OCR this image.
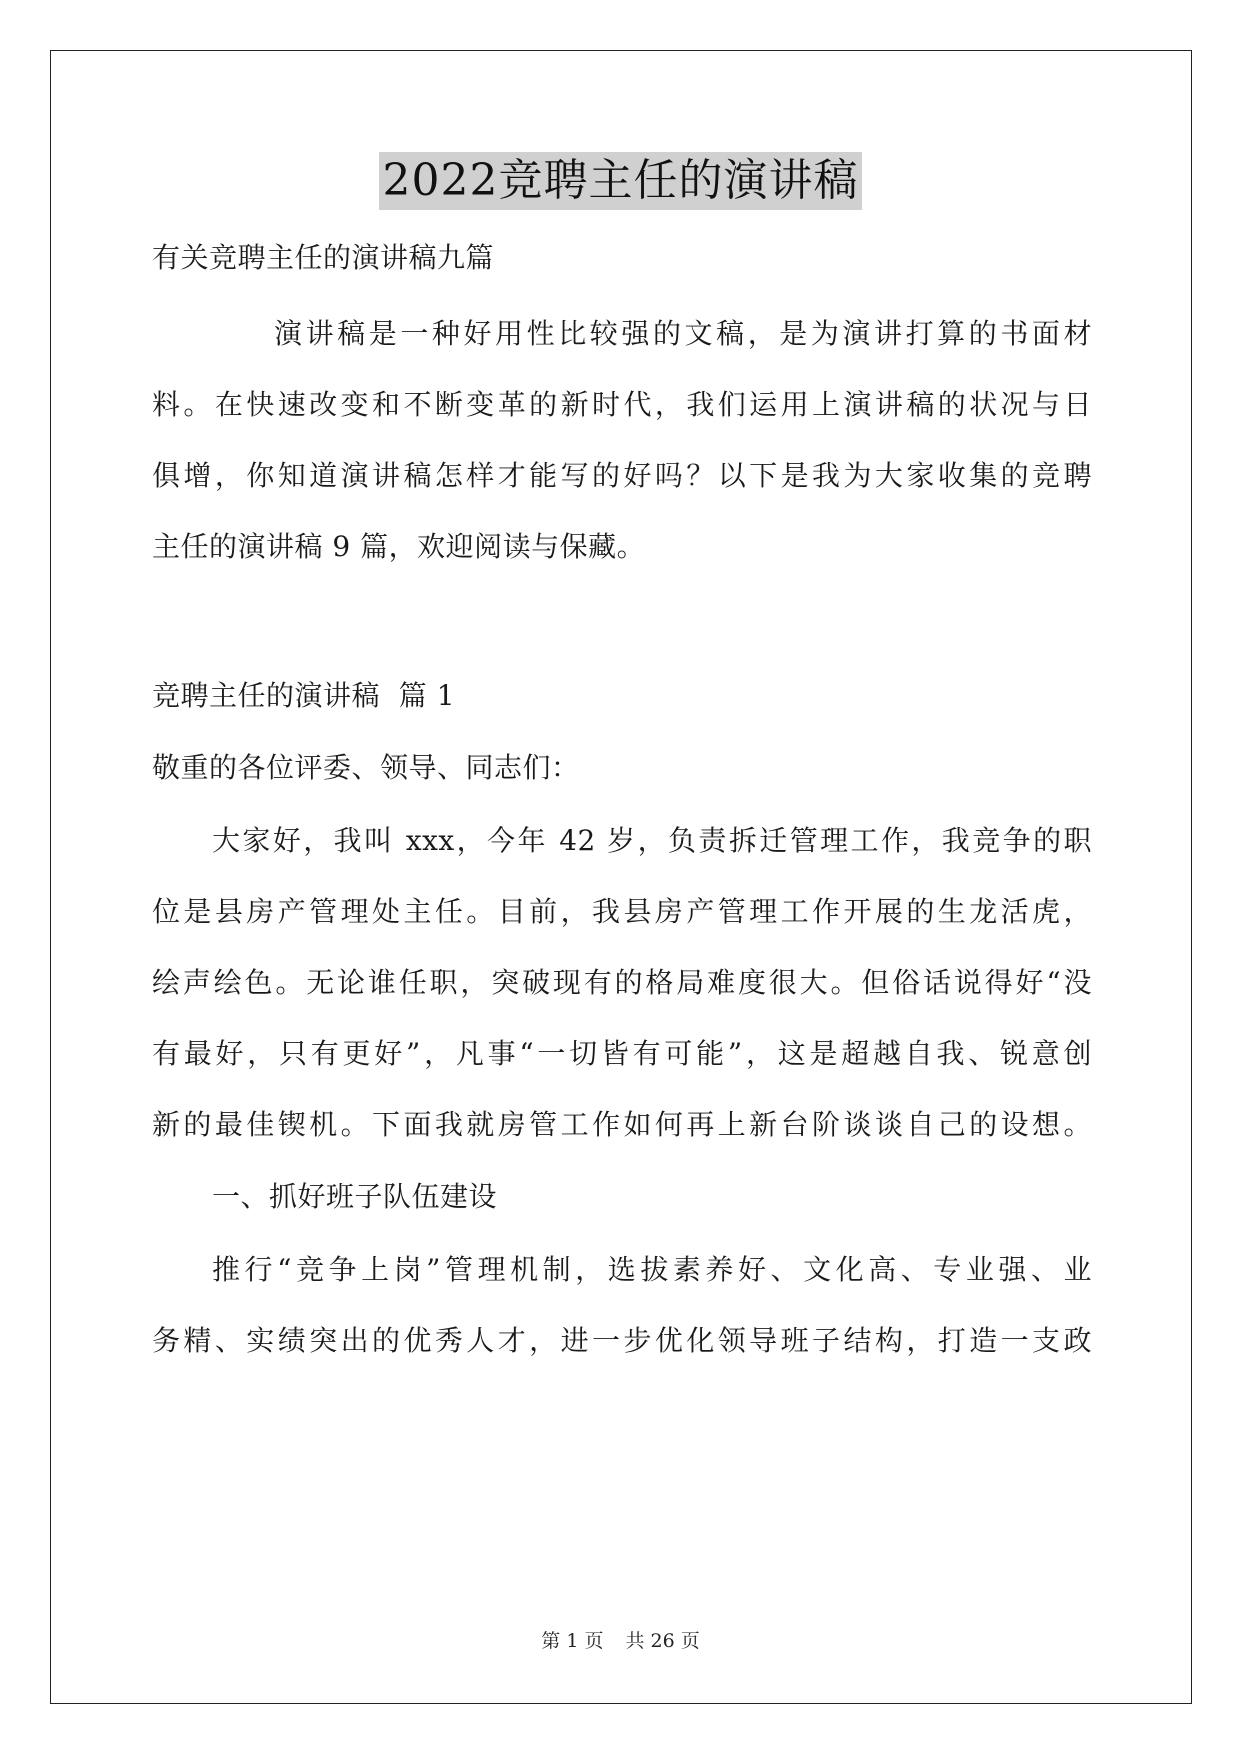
2022竞聘主任的演讲稿
有关竞聘主任的演讲稿九篇
演讲稿是一种好用性比较强的文稿，是为演讲打算的书面材
料。在快速改变和不断变革的新时代，我们运用上演讲稿的状况与日
俱增，你知道演讲稿怎样才能写的好吗？以下是我为大家收集的竞聘
主任的演讲稿 9 篇，欢迎阅读与保藏。
竞聘主任的演讲稿  篇 1
敬重的各位评委、领导、同志们：
大家好，我叫 xxx，今年 42 岁，负责拆迁管理工作，我竞争的职
位是县房产管理处主任。目前，我县房产管理工作开展的生龙活虎，
绘声绘色。无论谁任职，突破现有的格局难度很大。但俗话说得好“没
有最好，只有更好”，凡事“一切皆有可能”，这是超越自我、锐意创
新的最佳锲机。下面我就房管工作如何再上新台阶谈谈自己的设想。
一、抓好班子队伍建设
推行“竞争上岗”管理机制，选拔素养好、文化高、专业强、业
务精、实绩突出的优秀人才，进一步优化领导班子结构，打造一支政
第 1 页 共 26 页
